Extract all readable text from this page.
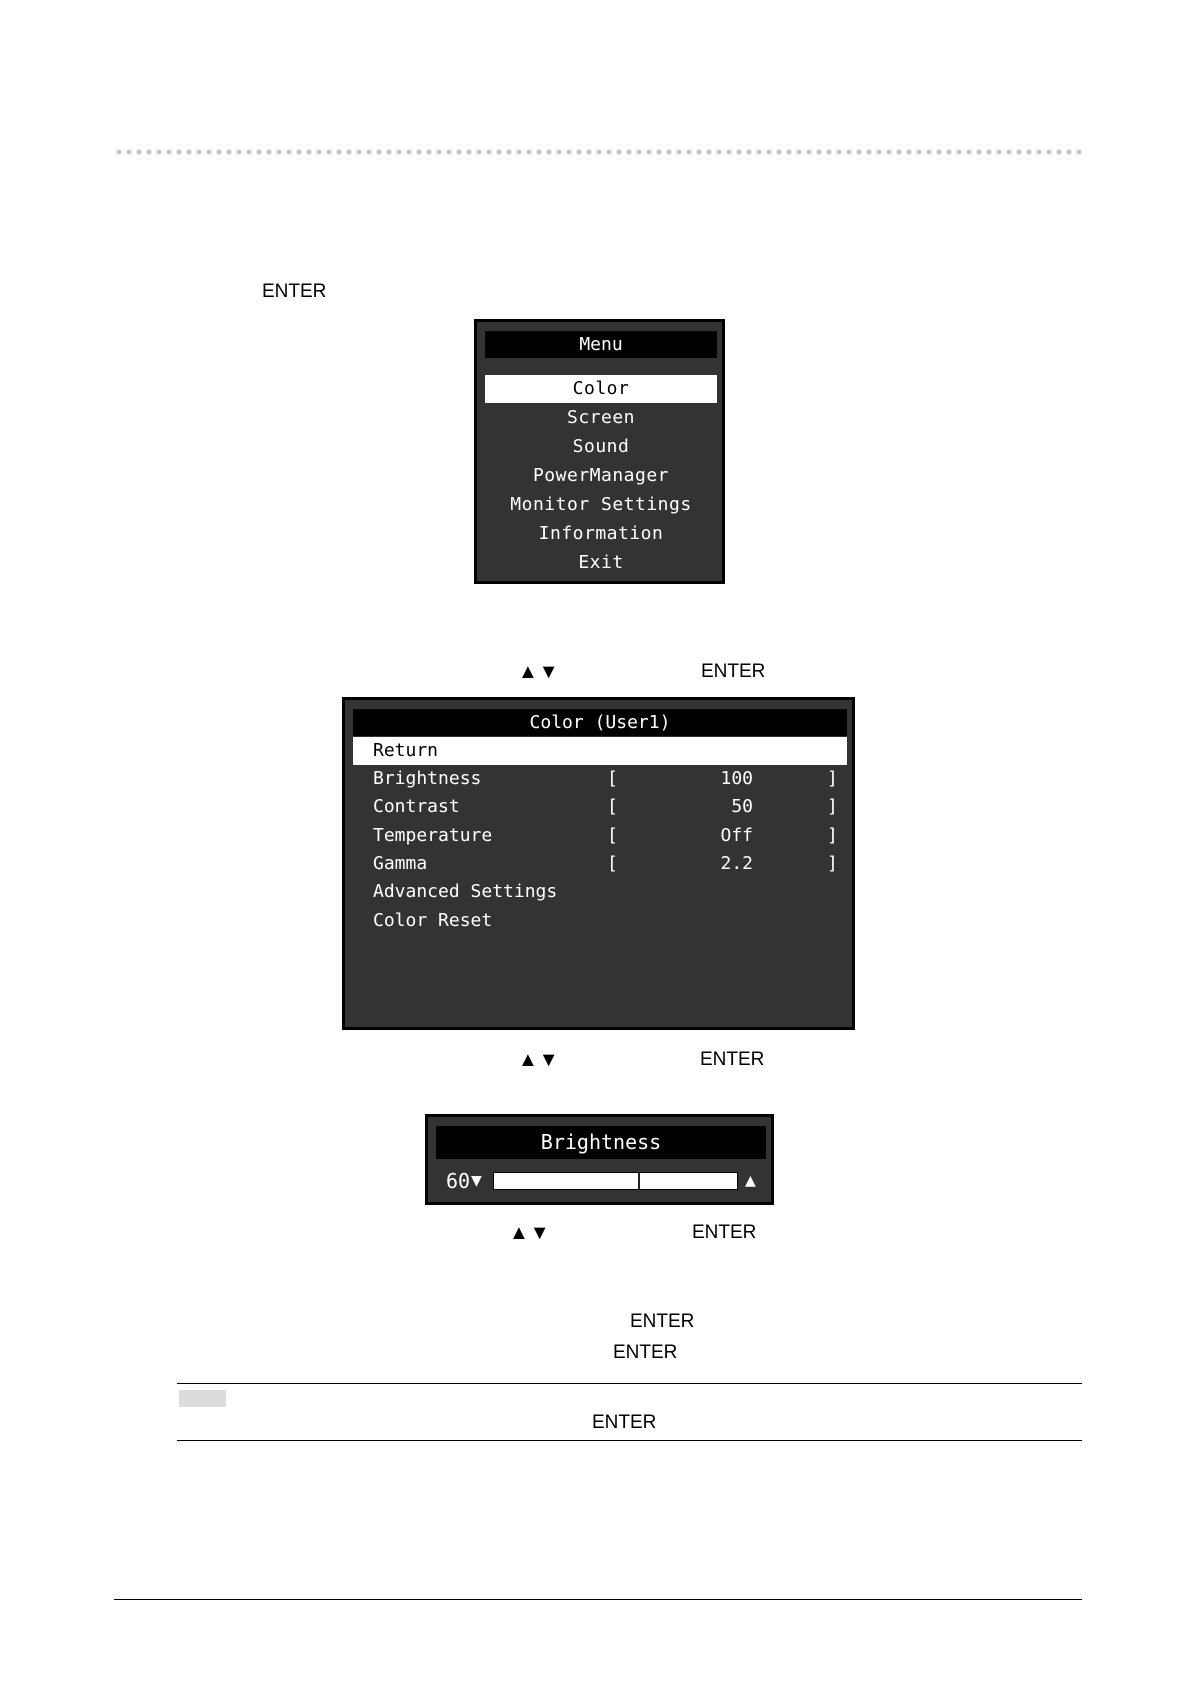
ENTER
Menu
Color
Screen
Sound
PowerManager
Monitor Settings
Information
Exit
▲▼	ENTER
Color (User1)
Return
Brightness	[	100	]
Contrast	[	50	]
Temperature	[	Off	]
Gamma	[	2.2	]
Advanced Settings
Color Reset
▲▼	ENTER
Brightness
60 ▼	▲
▲▼	ENTER
ENTER
ENTER
ENTER
